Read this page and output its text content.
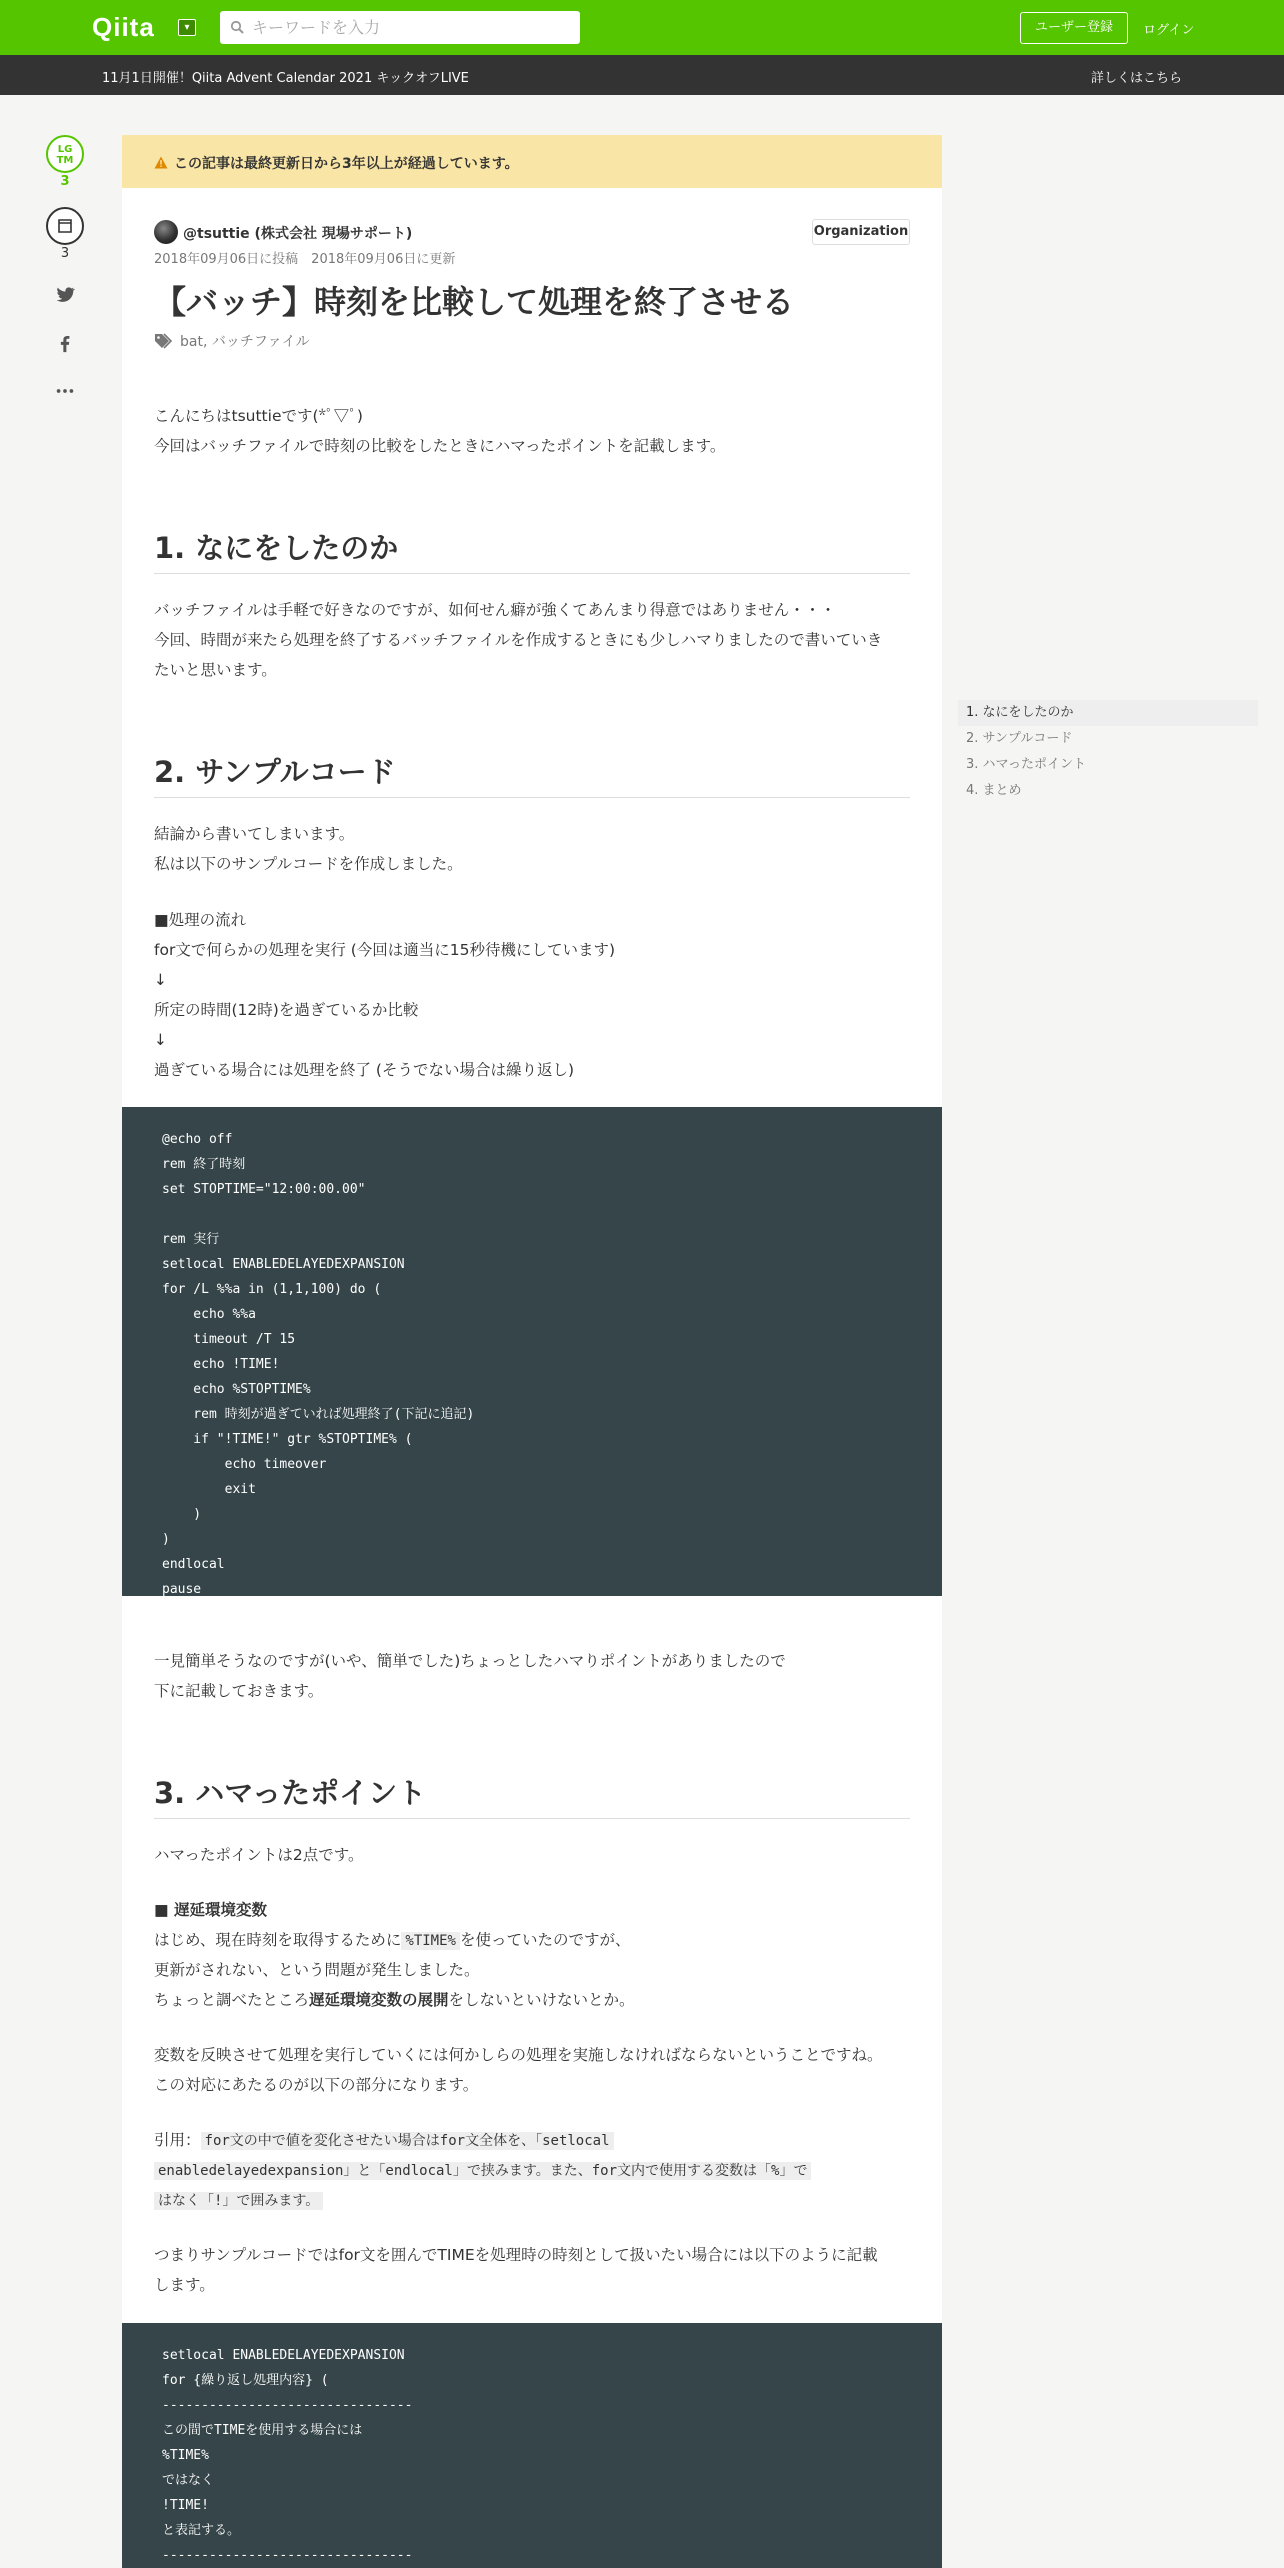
Qiita	▾
キーワードを入力	ユーザー登録	ログイン
11月1日開催！Qiita Advent Calendar 2021 キックオフLIVE	詳しくはこちら
LG
TM
3
3
この記事は最終更新日から3年以上が経過しています。
@tsuttie (株式会社 現場サポート)	Organization
2018年09月06日に投稿　2018年09月06日に更新
【バッチ】時刻を比較して処理を終了させる
bat, バッチファイル
こんにちはtsuttieです(*ﾟ▽ﾟ)
今回はバッチファイルで時刻の比較をしたときにハマったポイントを記載します。
1. なにをしたのか
バッチファイルは手軽で好きなのですが、如何せん癖が強くてあんまり得意ではありません・・・
今回、時間が来たら処理を終了するバッチファイルを作成するときにも少しハマりましたので書いていき
たいと思います。
2. サンプルコード
結論から書いてしまいます。
私は以下のサンプルコードを作成しました。
■処理の流れ
for文で何らかの処理を実行 (今回は適当に15秒待機にしています)
↓
所定の時間(12時)を過ぎているか比較
↓
過ぎている場合には処理を終了 (そうでない場合は繰り返し)
@echo off
rem 終了時刻
set STOPTIME="12:00:00.00"

rem 実行
setlocal ENABLEDELAYEDEXPANSION
for /L %%a in (1,1,100) do (
echo %%a
timeout /T 15
echo !TIME!
echo %STOPTIME%
rem 時刻が過ぎていれば処理終了(下記に追記)
if "!TIME!" gtr %STOPTIME% (
echo timeover
exit
)
)
endlocal
pause
一見簡単そうなのですが(いや、簡単でした)ちょっとしたハマりポイントがありましたので
下に記載しておきます。
3. ハマったポイント
ハマったポイントは2点です。
■ 遅延環境変数
はじめ、現在時刻を取得するために %TIME% を使っていたのですが、
更新がされない、という問題が発生しました。
ちょっと調べたところ遅延環境変数の展開をしないといけないとか。
変数を反映させて処理を実行していくには何かしらの処理を実施しなければならないということですね。
この対応にあたるのが以下の部分になります。
引用： for文の中で値を変化させたい場合はfor文全体を、「setlocal
enabledelayedexpansion」と「endlocal」で挟みます。また、for文内で使用する変数は「%」で
はなく「!」で囲みます。
つまりサンプルコードではfor文を囲んでTIMEを処理時の時刻として扱いたい場合には以下のように記載
します。
setlocal ENABLEDELAYEDEXPANSION
for {繰り返し処理内容} (
--------------------------------
この間でTIMEを使用する場合には
%TIME%
ではなく
!TIME!
と表記する。
--------------------------------
1. なにをしたのか
2. サンプルコード
3. ハマったポイント
4. まとめ
